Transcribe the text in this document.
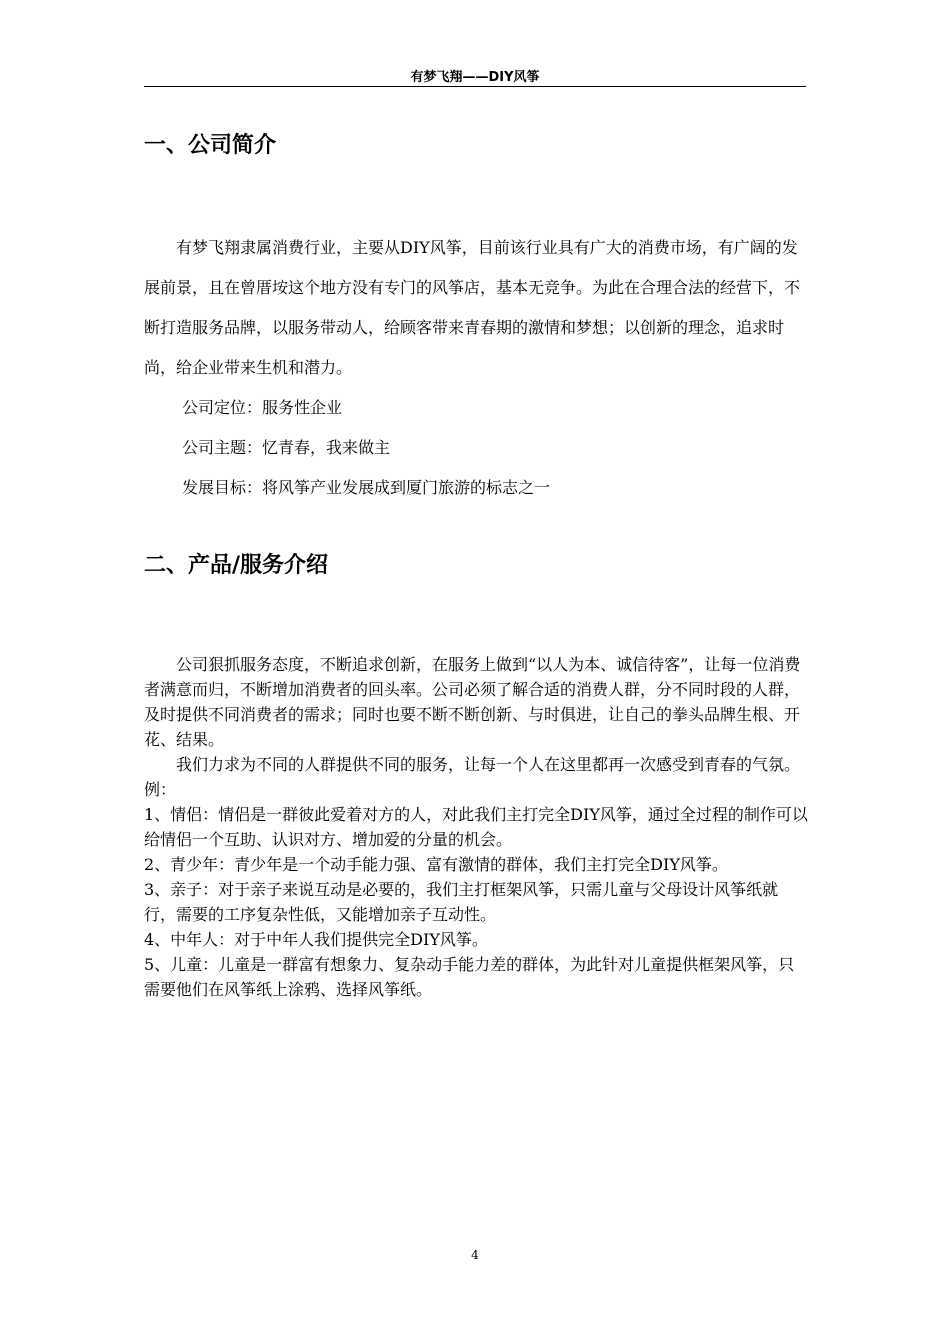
有梦飞翔——DIY风筝
一、公司简介

有梦飞翔隶属消费行业，主要从DIY风筝，目前该行业具有广大的消费市场，有广阔的发展前景，且在曾厝垵这个地方没有专门的风筝店，基本无竞争。为此在合理合法的经营下，不断打造服务品牌，以服务带动人，给顾客带来青春期的激情和梦想；以创新的理念，追求时尚，给企业带来生机和潜力。

公司定位：服务性企业

公司主题：忆青春，我来做主

发展目标：将风筝产业发展成到厦门旅游的标志之一

二、产品/服务介绍

公司狠抓服务态度，不断追求创新，在服务上做到“以人为本、诚信待客”，让每一位消费者满意而归，不断增加消费者的回头率。公司必须了解合适的消费人群，分不同时段的人群，及时提供不同消费者的需求；同时也要不断不断创新、与时俱进，让自己的拳头品牌生根、开花、结果。

我们力求为不同的人群提供不同的服务，让每一个人在这里都再一次感受到青春的气氛。

例：

1、情侣：情侣是一群彼此爱着对方的人，对此我们主打完全DIY风筝，通过全过程的制作可以给情侣一个互助、认识对方、增加爱的分量的机会。

2、青少年：青少年是一个动手能力强、富有激情的群体，我们主打完全DIY风筝。

3、亲子：对于亲子来说互动是必要的，我们主打框架风筝，只需儿童与父母设计风筝纸就行，需要的工序复杂性低，又能增加亲子互动性。

4、中年人：对于中年人我们提供完全DIY风筝。

5、儿童：儿童是一群富有想象力、复杂动手能力差的群体，为此针对儿童提供框架风筝，只需要他们在风筝纸上涂鸦、选择风筝纸。

4
